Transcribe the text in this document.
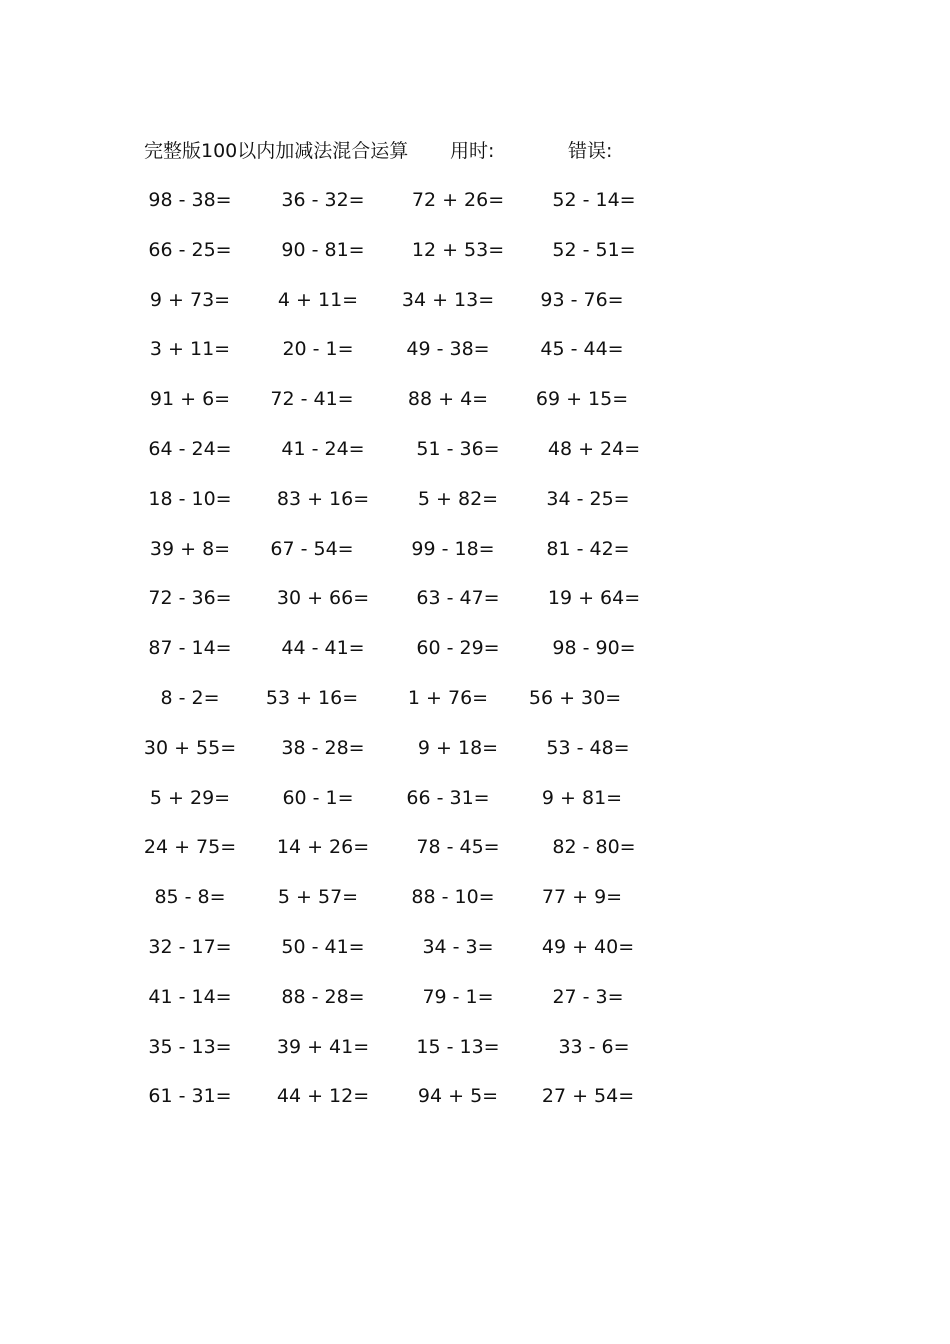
完整版100以内加减法混合运算 用时:	错误:
98 - 38=	36 - 32=	72 + 26=	52 - 14=
66 - 25=	90 - 81=	12 + 53=	52 - 51=
9 + 73=	4 + 11=	34 + 13=	93 - 76=
3 + 11=	20 - 1=	49 - 38=	45 - 44=
91 + 6=	72 - 41=	88 + 4=	69 + 15=
64 - 24=	41 - 24=	51 - 36=	48 + 24=
18 - 10=	83 + 16=	5 + 82=	34 - 25=
39 + 8=	67 - 54=	99 - 18=	81 - 42=
72 - 36=	30 + 66=	63 - 47=	19 + 64=
87 - 14=	44 - 41=	60 - 29=	98 - 90=
8 - 2=	53 + 16=	1 + 76=	56 + 30=
30 + 55=	38 - 28=	9 + 18=	53 - 48=
5 + 29=	60 - 1=	66 - 31=	9 + 81=
24 + 75=	14 + 26=	78 - 45=	82 - 80=
85 - 8=	5 + 57=	88 - 10=	77 + 9=
32 - 17=	50 - 41=	34 - 3=	49 + 40=
41 - 14=	88 - 28=	79 - 1=	27 - 3=
35 - 13=	39 + 41=	15 - 13=	33 - 6=
61 - 31=	44 + 12=	94 + 5=	27 + 54=
